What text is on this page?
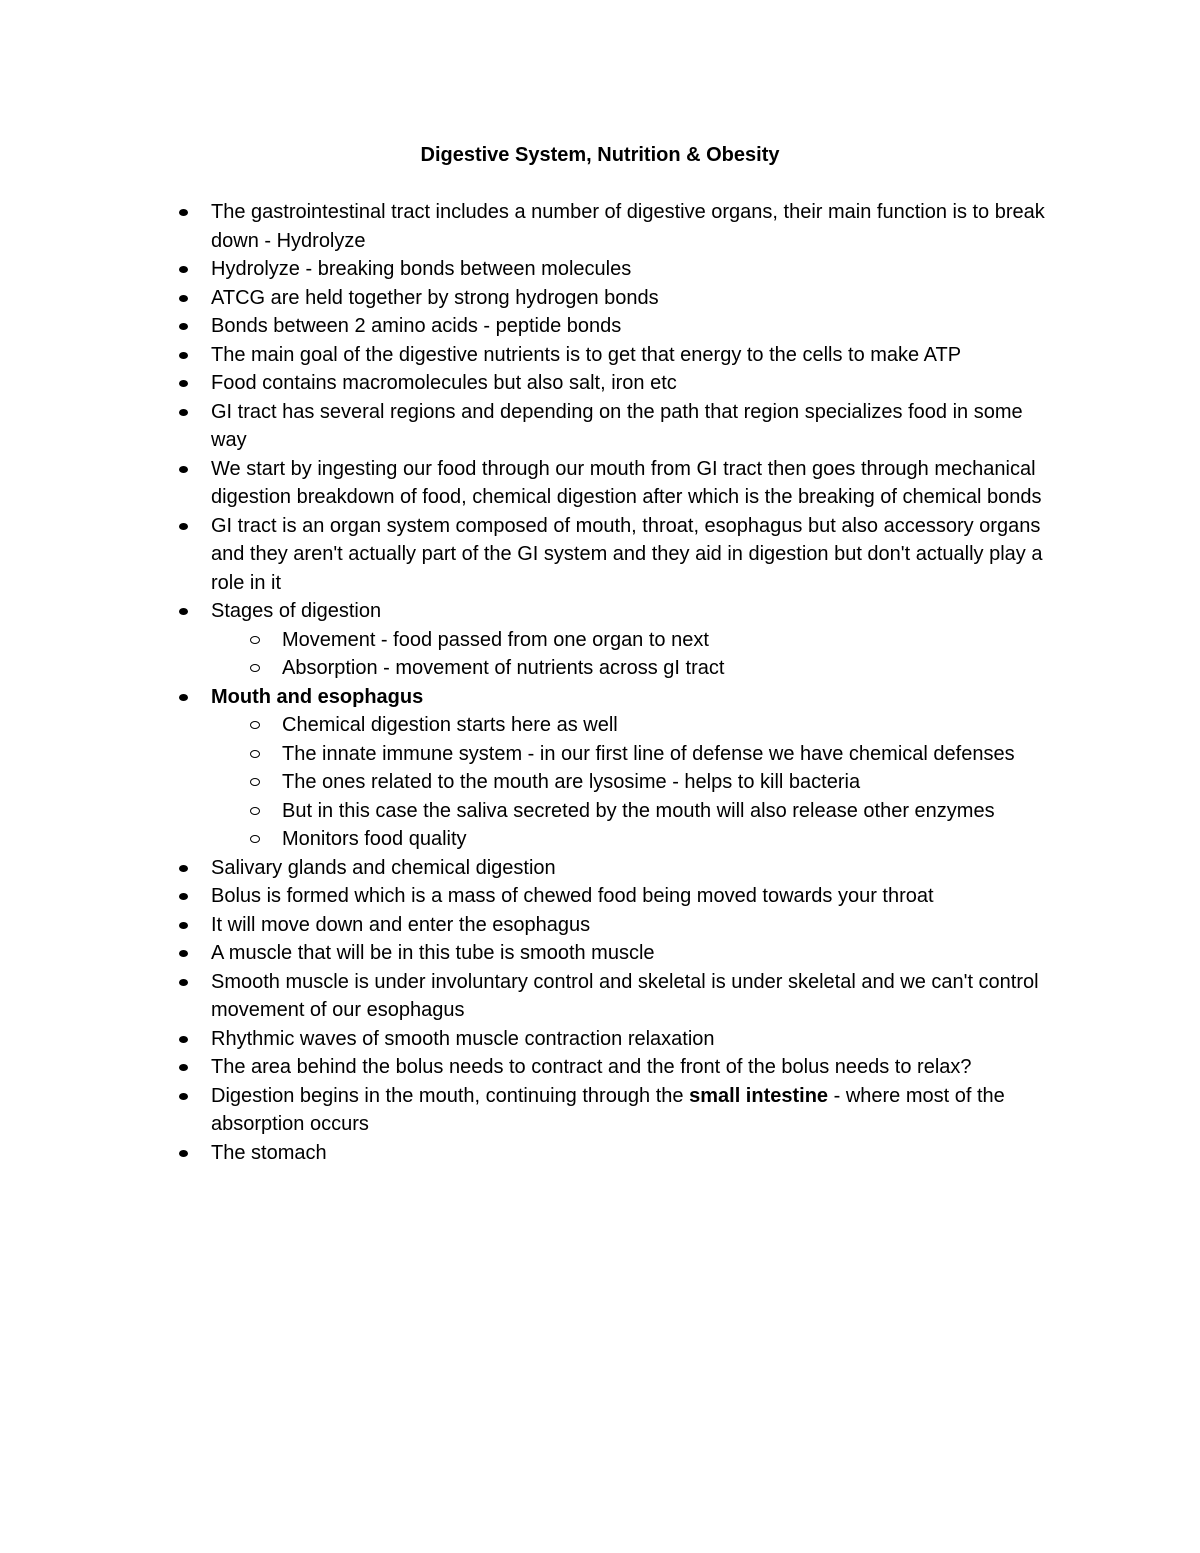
Digestive System, Nutrition & Obesity
The gastrointestinal tract includes a number of digestive organs, their main function is to break down - Hydrolyze
Hydrolyze - breaking bonds between molecules
ATCG are held together by strong hydrogen bonds
Bonds between 2 amino acids - peptide bonds
The main goal of the digestive nutrients is to get that energy to the cells to make ATP
Food contains macromolecules but also salt, iron etc
GI tract has several regions and depending on the path that region specializes food in some way
We start by ingesting our food through our mouth from GI tract then goes through mechanical digestion breakdown of food, chemical digestion after which is the breaking of chemical bonds
GI tract is an organ system composed of mouth, throat, esophagus but also accessory organs and they aren't actually part of the GI system and they aid in digestion but don't actually play a role in it
Stages of digestion
Movement - food passed from one organ to next
Absorption - movement of nutrients across gI tract
Mouth and esophagus
Chemical digestion starts here as well
The innate immune system - in our first line of defense we have chemical defenses
The ones related to the mouth are lysosime - helps to kill bacteria
But in this case the saliva secreted by the mouth will also release other enzymes
Monitors food quality
Salivary glands and chemical digestion
Bolus is formed which is a mass of chewed food being moved towards your throat
It will move down and enter the esophagus
A muscle that will be in this tube is smooth muscle
Smooth muscle is under involuntary control and skeletal is under skeletal and we can't control movement of our esophagus
Rhythmic waves of smooth muscle contraction relaxation
The area behind the bolus needs to contract and the front of the bolus needs to relax?
Digestion begins in the mouth, continuing through the small intestine - where most of the absorption occurs
The stomach
